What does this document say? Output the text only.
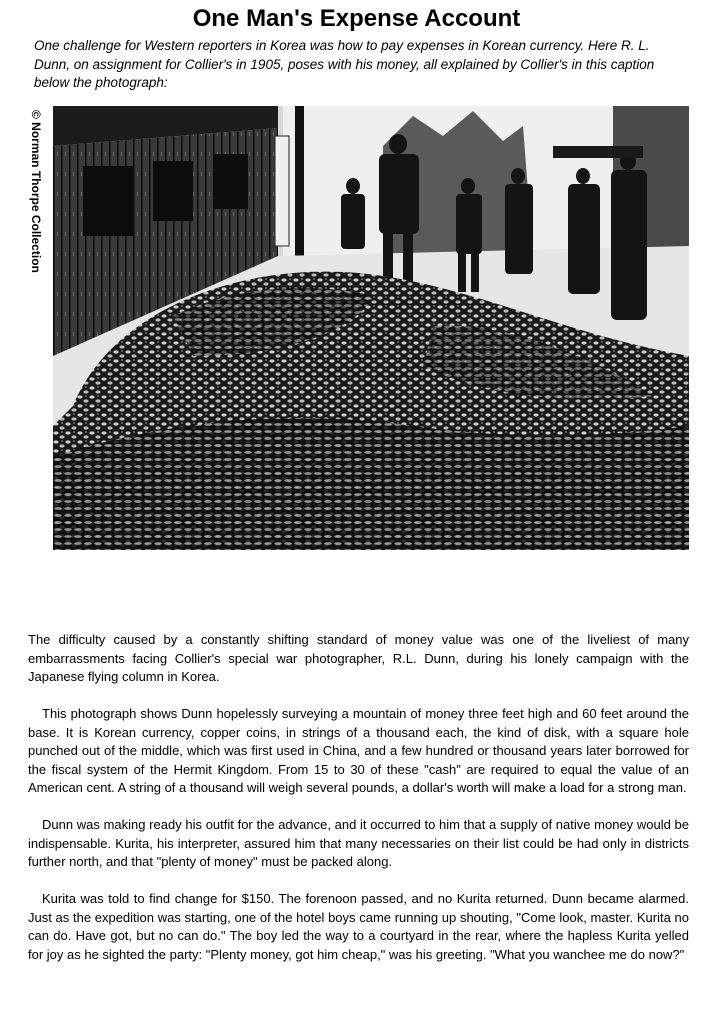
One Man's Expense Account
One challenge for Western reporters in Korea was how to pay expenses in Korean currency. Here R. L. Dunn, on assignment for Collier's in 1905, poses with his money, all explained by Collier's in this caption below the photograph:
© Norman Thorpe Collection

The difficulty caused by a constantly shifting standard of money value was one of the liveliest of many embarrassments facing Collier's special war photographer, R.L. Dunn, during his lonely campaign with the Japanese flying column in Korea.

This photograph shows Dunn hopelessly surveying a mountain of money three feet high and 60 feet around the base. It is Korean currency, copper coins, in strings of a thousand each, the kind of disk, with a square hole punched out of the middle, which was first used in China, and a few hundred or thousand years later borrowed for the fiscal system of the Hermit Kingdom. From 15 to 30 of these "cash" are required to equal the value of an American cent. A string of a thousand will weigh several pounds, a dollar's worth will make a load for a strong man.

Dunn was making ready his outfit for the advance, and it occurred to him that a supply of native money would be indispensable. Kurita, his interpreter, assured him that many necessaries on their list could be had only in districts further north, and that "plenty of money" must be packed along.

Kurita was told to find change for $150. The forenoon passed, and no Kurita returned. Dunn became alarmed. Just as the expedition was starting, one of the hotel boys came running up shouting, "Come look, master. Kurita no can do. Have got, but no can do." The boy led the way to a courtyard in the rear, where the hapless Kurita yelled for joy as he sighted the party: "Plenty money, got him cheap," was his greeting. "What you wanchee me do now?"
